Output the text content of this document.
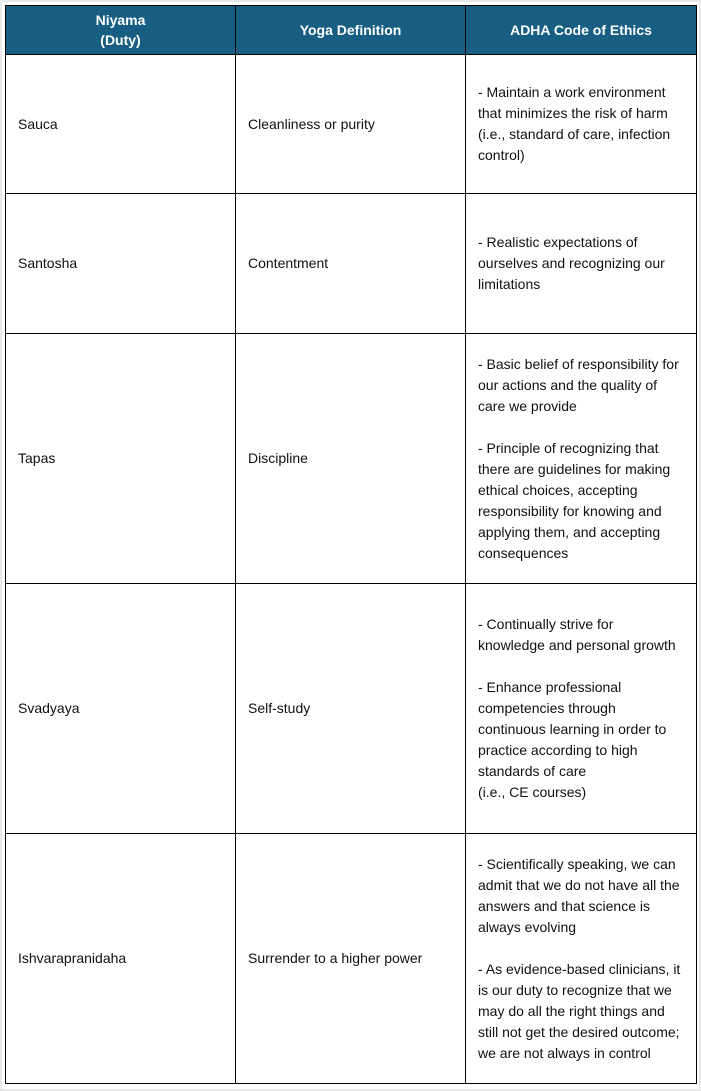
Niyama
(Duty)	Yoga Definition	ADHA Code of Ethics
Sauca	Cleanliness or purity	- Maintain a work environment that minimizes the risk of harm (i.e., standard of care, infection control)

Santosha	Contentment	- Realistic expectations of ourselves and recognizing our limitations

Tapas	Discipline	- Basic belief of responsibility for our actions and the quality of care we provide
- Principle of recognizing that there are guidelines for making ethical choices, accepting responsibility for knowing and applying them, and accepting consequences

Svadyaya	Self-study	- Continually strive for knowledge and personal growth
- Enhance professional competencies through continuous learning in order to practice according to high standards of care
(i.e., CE courses)

Ishvarapranidaha	Surrender to a higher power	- Scientifically speaking, we can admit that we do not have all the answers and that science is always evolving
- As evidence-based clinicians, it is our duty to recognize that we may do all the right things and still not get the desired outcome; we are not always in control
